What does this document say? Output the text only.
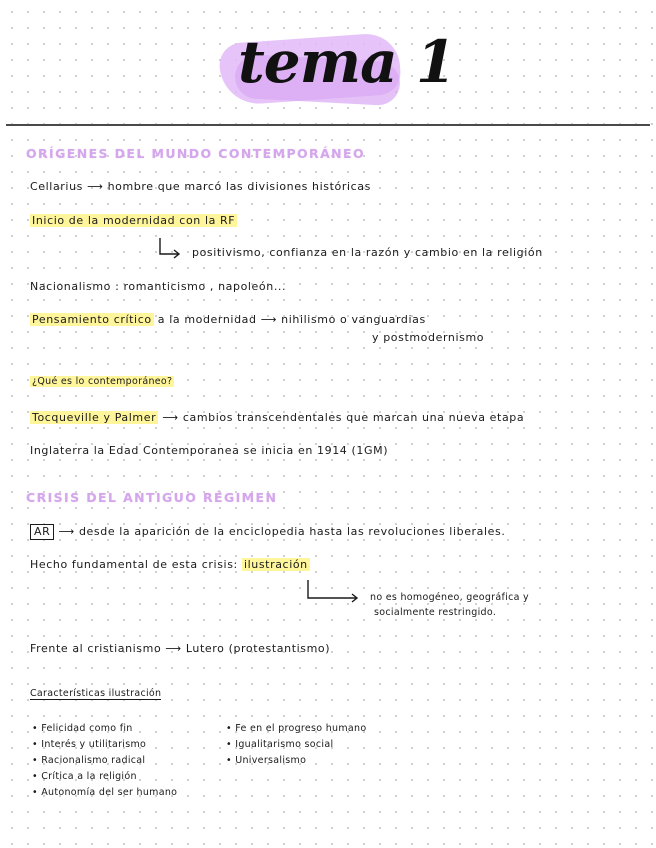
tema 1
ORÍGENES DEL MUNDO CONTEMPORÁNEO
Cellarius ⟶ hombre que marcó las divisiones históricas
Inicio de la modernidad con la RF
positivismo, confianza en la razón y cambio en la religión
Nacionalismo : romanticismo , napoleón...
Pensamiento crítico a la modernidad ⟶ nihilismo o vanguardias
y postmodernismo
¿Qué es lo contemporáneo?
Tocqueville y Palmer ⟶ cambios transcendentales que marcan una nueva etapa
Inglaterra la Edad Contemporanea se inicia en 1914 (1GM)
CRISIS DEL ANTIGUO RÉGIMEN
AR ⟶ desde la aparición de la enciclopedia hasta las revoluciones liberales.
Hecho fundamental de esta crisis: ilustración
no es homogéneo, geográfica y
socialmente restringido.
Frente al cristianismo ⟶ Lutero (protestantismo)
Características ilustración
• Felicidad como fin
• Interés y utilitarismo
• Racionalismo radical
• Crítica a la religión
• Autonomía del ser humano
• Fe en el progreso humano
• Igualitarismo social
• Universalismo
